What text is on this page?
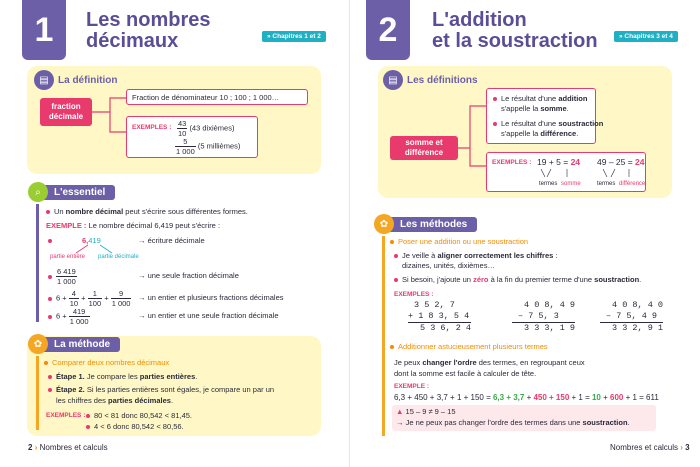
1	Les nombres
décimaux	» Chapitres 1 et 2
▤ La définition
fraction décimale
Fraction de dénominateur 10 ; 100 ; 1 000…
EXEMPLES : $\frac{43}{10} (43$ dixièmes)
$\frac{5}{1 000} (5$ millièmes)
⌕	L'essentiel
Un nombre décimal peut s'écrire sous différentes formes.
EXEMPLE : Le nombre décimal 6,419 peut s'écrire :
6,419	→ écriture décimale
partie entière partie décimale
$\frac{6 419}{1 000}$	→ une seule fraction décimale
$6 + \frac{4}{10} + \frac{1}{100} + \frac{9}{1 000}$ → un entier et plusieurs fractions décimales
$6 + \frac{419}{1 000}$	→ un entier et une seule fraction décimale
✿	La méthode
Comparer deux nombres décimaux
Étape 1. Je compare les parties entières.
Étape 2. Si les parties entières sont égales, je compare un par un
les chiffres des parties décimales.
EXEMPLES :	80 < 81 donc 80,542 < 81,45.
4 < 6 donc 80,542 < 80,56.
2 › Nombres et calculs
2	L'addition
et la soustraction	» Chapitres 3 et 4
▤ Les définitions
somme et différence
Le résultat d'une addition
s'appelle la somme.
Le résultat d'une soustraction
s'appelle la différence.
EXEMPLES : 19 + 5 = 24 49 – 25 = 24
termes somme	termes différence
✿	Les méthodes
Poser une addition ou une soustraction
Je veille à aligner correctement les chiffres :
dizaines, unités, dixièmes…
Si besoin, j'ajoute un zéro à la fin du premier terme d'une soustraction.
EXEMPLES :
3 5 2, 7
+ 1 8 3, 5 4
5 3 6, 2 4
4 0 8, 4 9
– 7 5, 3
3 3 3, 1 9
4 0 8, 4 0
– 7 5, 4 9
3 3 2, 9 1
Additionner astucieusement plusieurs termes
Je peux changer l'ordre des termes, en regroupant ceux
dont la somme est facile à calculer de tête.
EXEMPLE :
6,3 + 450 + 3,7 + 1 + 150 = 6,3 + 3,7 + 450 + 150 + 1 = 10 + 600 + 1 = 611
▲ 15 – 9 ≠ 9 – 15
→ Je ne peux pas changer l'ordre des termes dans une soustraction.
Nombres et calculs › 3
